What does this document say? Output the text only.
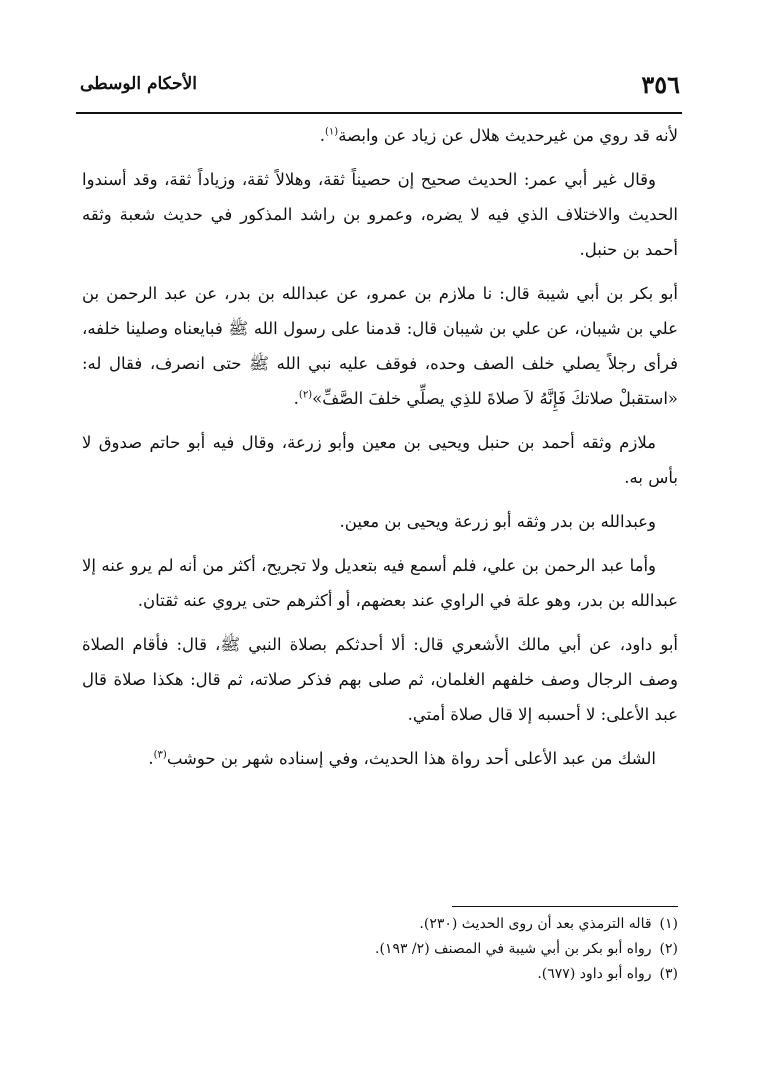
٣٥٦
الأحكام الوسطى

لأنه قد روي من غيرحديث هلال عن زياد عن وابصة$^{(١)}$.

وقال غير أبي عمر: الحديث صحيح إن حصيناً ثقة، وهلالاً ثقة، وزياداً ثقة، وقد أسندوا الحديث والاختلاف الذي فيه لا يضره، وعمرو بن راشد المذكور في حديث شعبة وثقه أحمد بن حنبل.

أبو بكر بن أبي شيبة قال: نا ملازم بن عمرو، عن عبدالله بن بدر، عن عبد الرحمن بن علي بن شيبان، عن علي بن شيبان قال: قدمنا على رسول الله ﷺ فبايعناه وصلينا خلفه، فرأى رجلاً يصلي خلف الصف وحده، فوقف عليه نبي الله ﷺ حتى انصرف، فقال له: «استقبلْ صلاتكَ فَإِنَّهُ لاَ صلاةَ للذِي يصلِّي خلفَ الصَّفِّ»$^{(٢)}$.

ملازم وثقه أحمد بن حنبل ويحيى بن معين وأبو زرعة، وقال فيه أبو حاتم صدوق لا بأس به.

وعبدالله بن بدر وثقه أبو زرعة ويحيى بن معين.

وأما عبد الرحمن بن علي، فلم أسمع فيه بتعديل ولا تجريح، أكثر من أنه لم يرو عنه إلا عبدالله بن بدر، وهو علة في الراوي عند بعضهم، أو أكثرهم حتى يروي عنه ثقتان.

أبو داود، عن أبي مالك الأشعري قال: ألا أحدثكم بصلاة النبي ﷺ، قال: فأقام الصلاة وصف الرجال وصف خلفهم الغلمان، ثم صلى بهم فذكر صلاته، ثم قال: هكذا صلاة قال عبد الأعلى: لا أحسبه إلا قال صلاة أمتي.

الشك من عبد الأعلى أحد رواة هذا الحديث، وفي إسناده شهر بن حوشب$^{(٣)}$.

(١)قاله الترمذي بعد أن روى الحديث (٢٣٠).

(٢)رواه أبو بكر بن أبي شيبة في المصنف (٢/ ١٩٣).

(٣)رواه أبو داود (٦٧٧).
